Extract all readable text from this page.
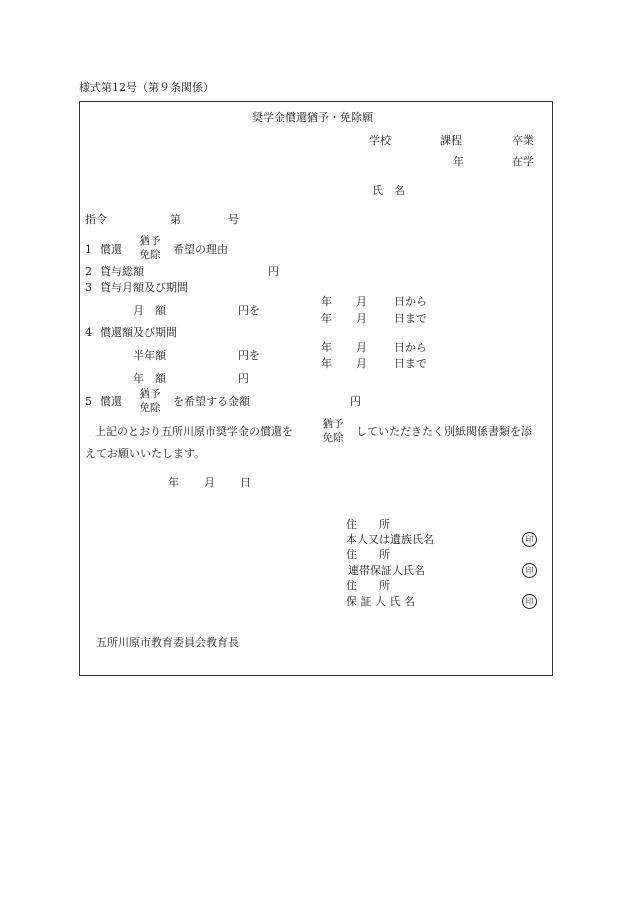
様式第12号（第９条関係）
奨学金償還猶予・免除願
学校	課程	卒業
年	在学
氏　名
指令	第	号
1 償還
猶予
免除	希望の理由
2 貸与総額	円
3 貸与月額及び期間
月　額	円を
年 月 日から
年 月 日まで
4 償還額及び期間
半年額	円を
年 月 日から
年 月 日まで
年　額	円
5 償還
猶予
免除	を希望する金額	円
上記のとおり五所川原市奨学金の償還を
猶予
免除	していただきたく別紙関係書類を添
えてお願いいたします。
年 月 日
住　　所
本人又は遺族氏名	印
住　　所
連帯保証人氏名	印
住　　所
保 証 人 氏 名	印
五所川原市教育委員会教育長
